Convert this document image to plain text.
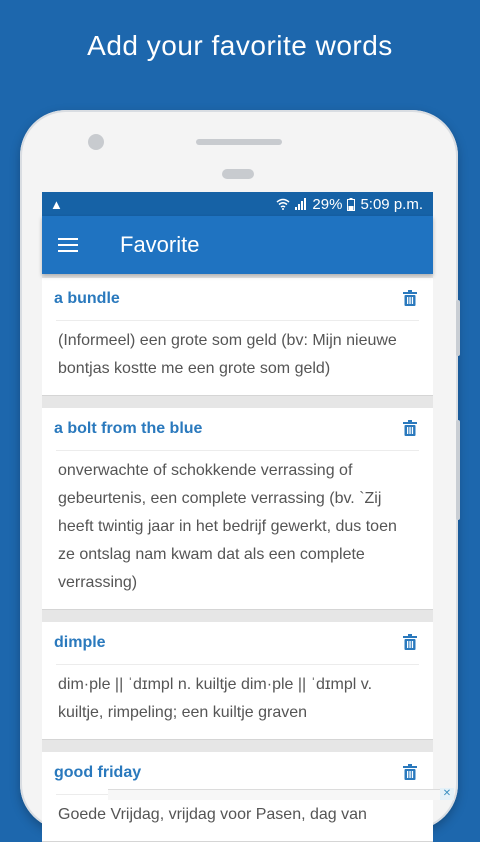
Add your favorite words
▲	29% 5:09 p.m.
Favorite
a bundle
(Informeel) een grote som geld (bv: Mijn nieuwe bontjas kostte me een grote som geld)
a bolt from the blue
onverwachte of schokkende verrassing of gebeurtenis, een complete verrassing (bv. `Zij heeft twintig jaar in het bedrijf gewerkt, dus toen ze ontslag nam kwam dat als een complete verrassing)
dimple
dim·ple || ˈdɪmpl n. kuiltje dim·ple || ˈdɪmpl v. kuiltje, rimpeling; een kuiltje graven
good friday
Goede Vrijdag, vrijdag voor Pasen, dag van
✕
